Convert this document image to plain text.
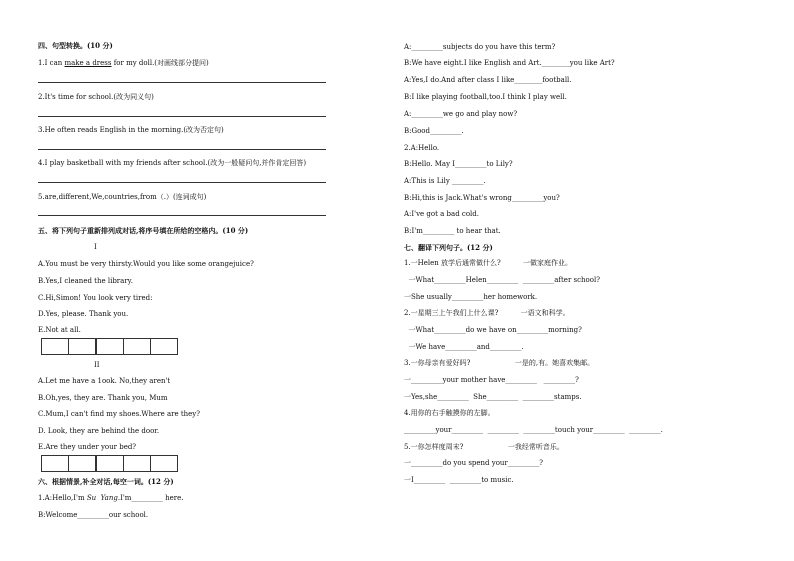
四、句型转换。(10 分)
1.I can make a dress for my doll.(对画线部分提问)
2.It's time for school.(改为同义句)
3.He often reads English in the morning.(改为否定句)
4.I play basketball with my friends after school.(改为一般疑问句,并作肯定回答)
5.are,different,We,countries,from（.）(连词成句)
五、将下列句子重新排列成对话,将序号填在所给的空格内。(10 分)
I
A.You must be very thirsty.Would you like some orangejuice?
B.Yes,I cleaned the library.
C.Hi,Simon! You look very tired:
D.Yes, please. Thank you.
E.Not at all.
II
A.Let me have a 1ook. No,they aren't
B.Oh,yes, they are. Thank you, Mum
C.Mum,I can't find my shoes.Where are they?
D. Look, they are behind the door.
E.Are they under your bed?
六、根据情景,补全对话,每空一词。(12 分)
1.A:Hello,I'm Su Yang.I'm_________ here.
B:Welcome_________our school.
A:_________subjects do you have this term?
B:We have eight.I like English and Art.________you like Art?
A:Yes,I do.And after class I like________football.
B:I like playing football,too.I think I play well.
A:_________we go and play now?
B:Good_________.
2.A:Hello.
B:Hello. May I_________to Lily?
A:This is Lily _________.
B:Hi,this is Jack.What's wrong_________you?
A:I've got a bad cold.
B:I'm_________ to hear that.
七、翻译下列句子。(12 分)
1.一Helen 放学后通常做什么?          一做家庭作业。
一What_________Helen_________  _________after school?
一She usually_________her homework.
2.一星期三上午我们上什么课?          一语文和科学。
一What_________do we have on_________morning?
一We have_________and_________.
3.一你母亲有爱好吗?                    一是的,有。她喜欢集邮。
一_________your mother have_________   _________?
一Yes,she_________  She_________  _________stamps.
4.用你的右手触摸你的左脚。
_________your_________  _________  _________touch your_________  _________.
5.一你怎样度周末?                    一我经常听音乐。
一_________do you spend your_________?
一I_________  _________to music.
